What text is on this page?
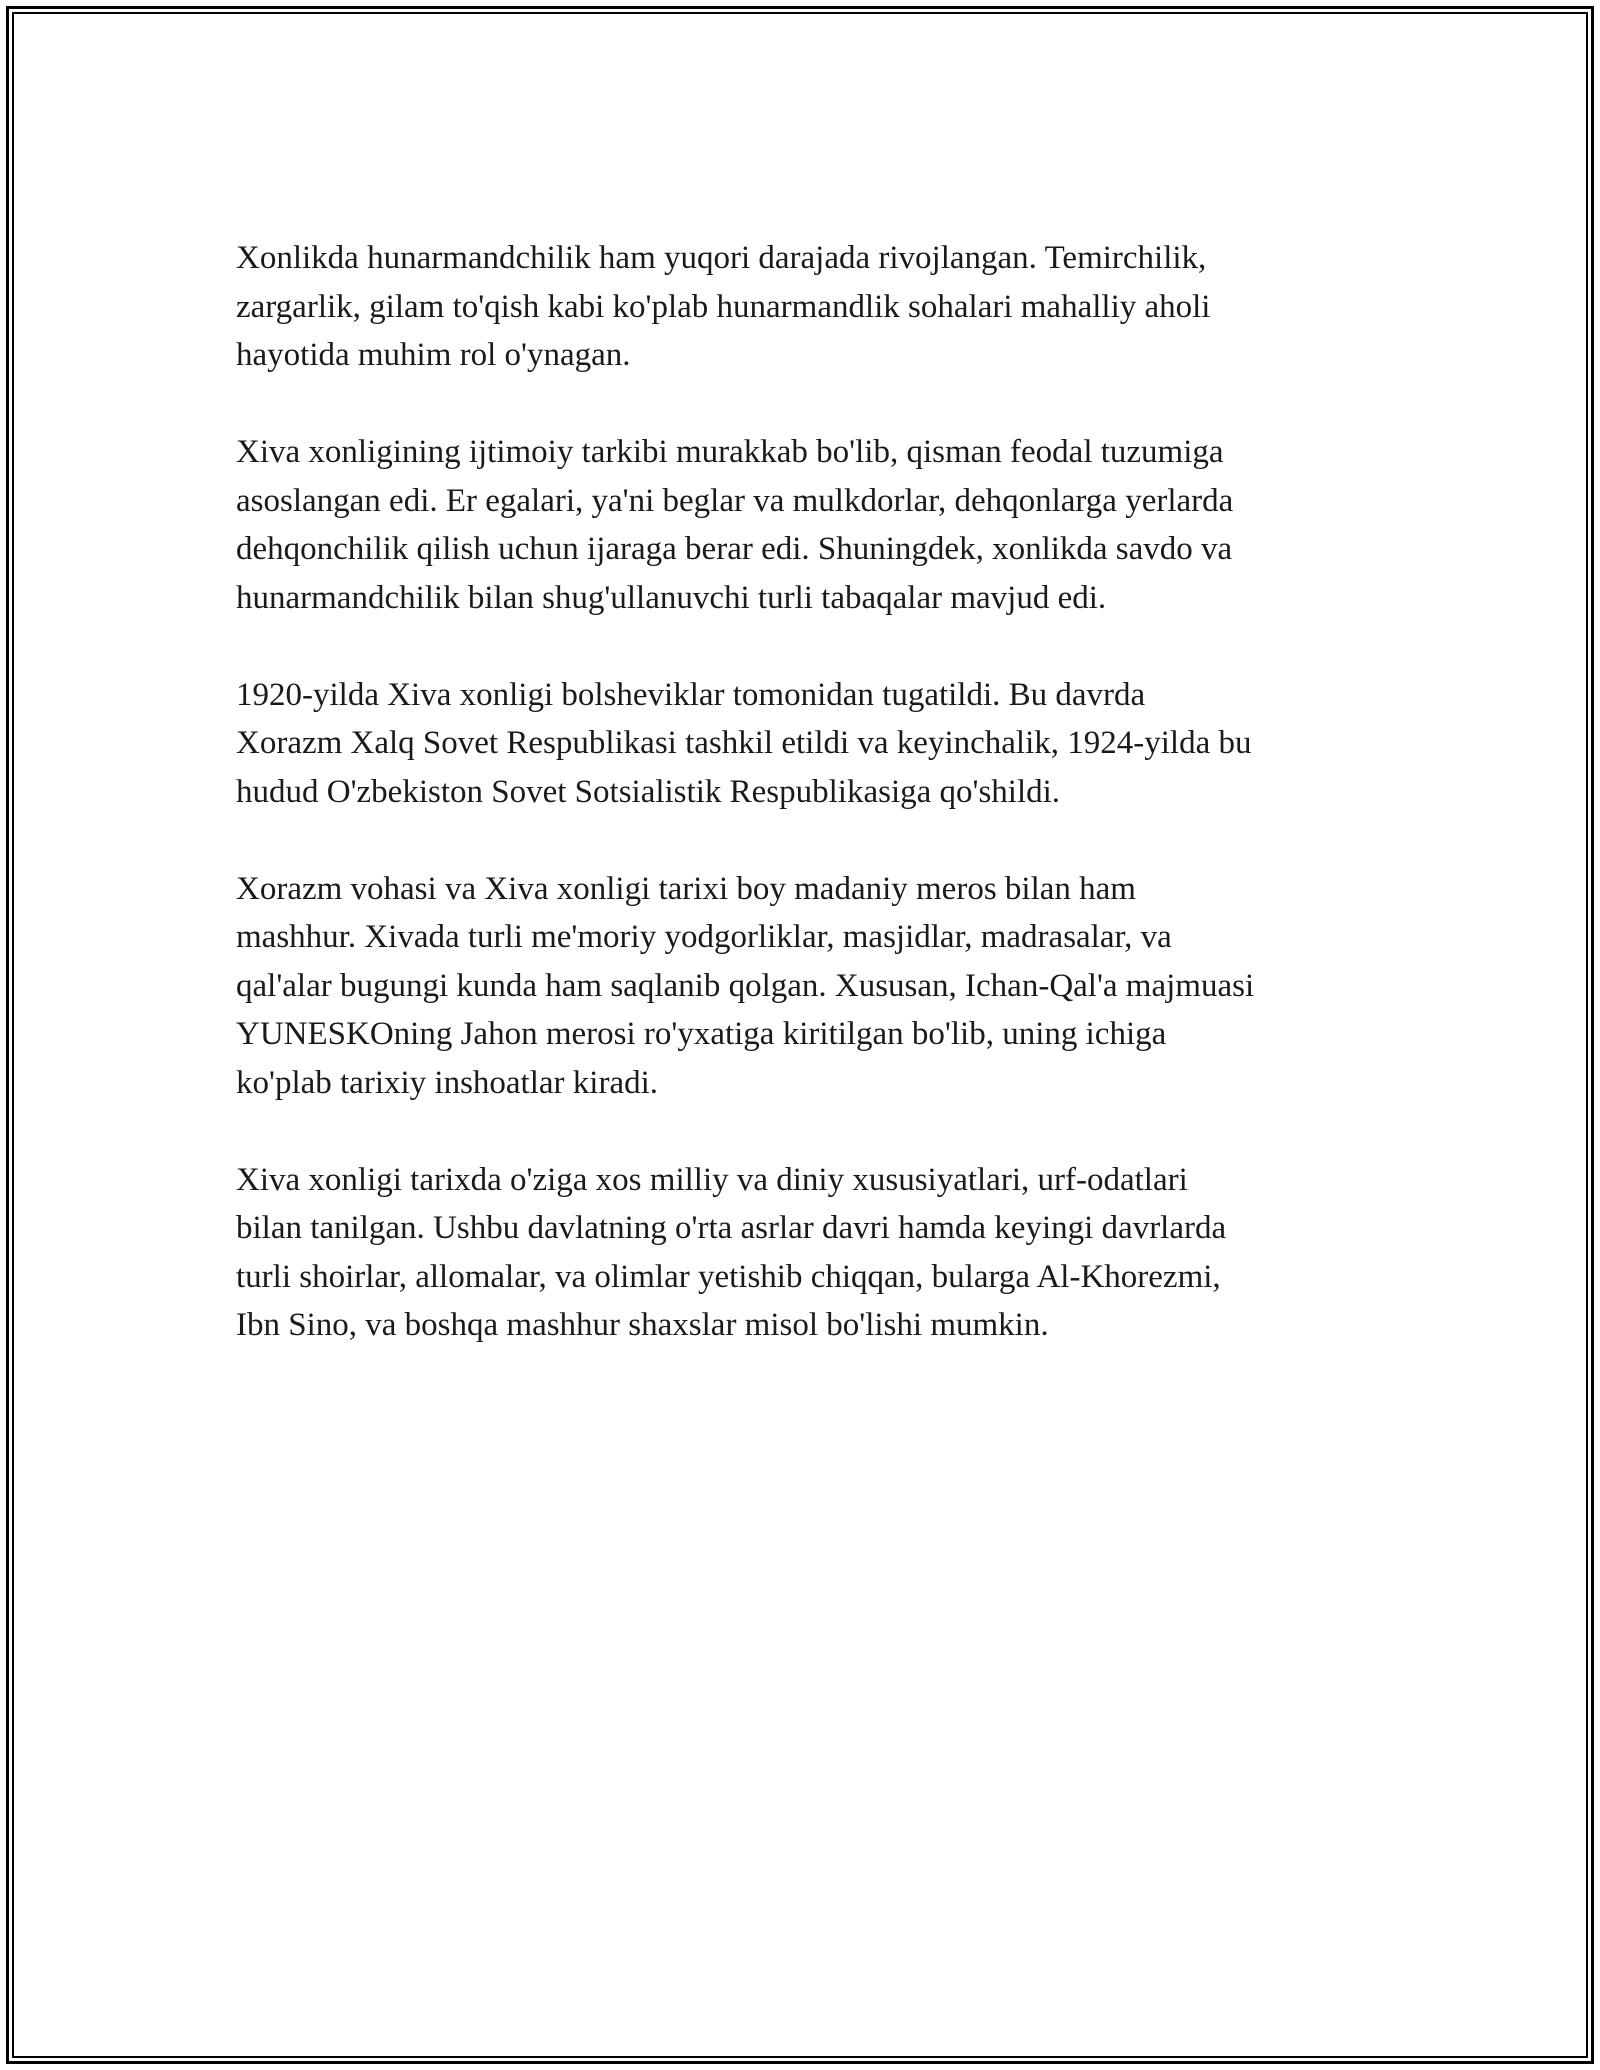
Xonlikda hunarmandchilik ham yuqori darajada rivojlangan. Temirchilik,
zargarlik, gilam to'qish kabi ko'plab hunarmandlik sohalari mahalliy aholi
hayotida muhim rol o'ynagan.

Xiva xonligining ijtimoiy tarkibi murakkab bo'lib, qisman feodal tuzumiga
asoslangan edi. Er egalari, ya'ni beglar va mulkdorlar, dehqonlarga yerlarda
dehqonchilik qilish uchun ijaraga berar edi. Shuningdek, xonlikda savdo va
hunarmandchilik bilan shug'ullanuvchi turli tabaqalar mavjud edi.

1920-yilda Xiva xonligi bolsheviklar tomonidan tugatildi. Bu davrda
Xorazm Xalq Sovet Respublikasi tashkil etildi va keyinchalik, 1924-yilda bu
hudud O'zbekiston Sovet Sotsialistik Respublikasiga qo'shildi.

Xorazm vohasi va Xiva xonligi tarixi boy madaniy meros bilan ham
mashhur. Xivada turli me'moriy yodgorliklar, masjidlar, madrasalar, va
qal'alar bugungi kunda ham saqlanib qolgan. Xususan, Ichan-Qal'a majmuasi
YUNESKOning Jahon merosi ro'yxatiga kiritilgan bo'lib, uning ichiga
ko'plab tarixiy inshoatlar kiradi.

Xiva xonligi tarixda o'ziga xos milliy va diniy xususiyatlari, urf-odatlari
bilan tanilgan. Ushbu davlatning o'rta asrlar davri hamda keyingi davrlarda
turli shoirlar, allomalar, va olimlar yetishib chiqqan, bularga Al-Khorezmi,
Ibn Sino, va boshqa mashhur shaxslar misol bo'lishi mumkin.
